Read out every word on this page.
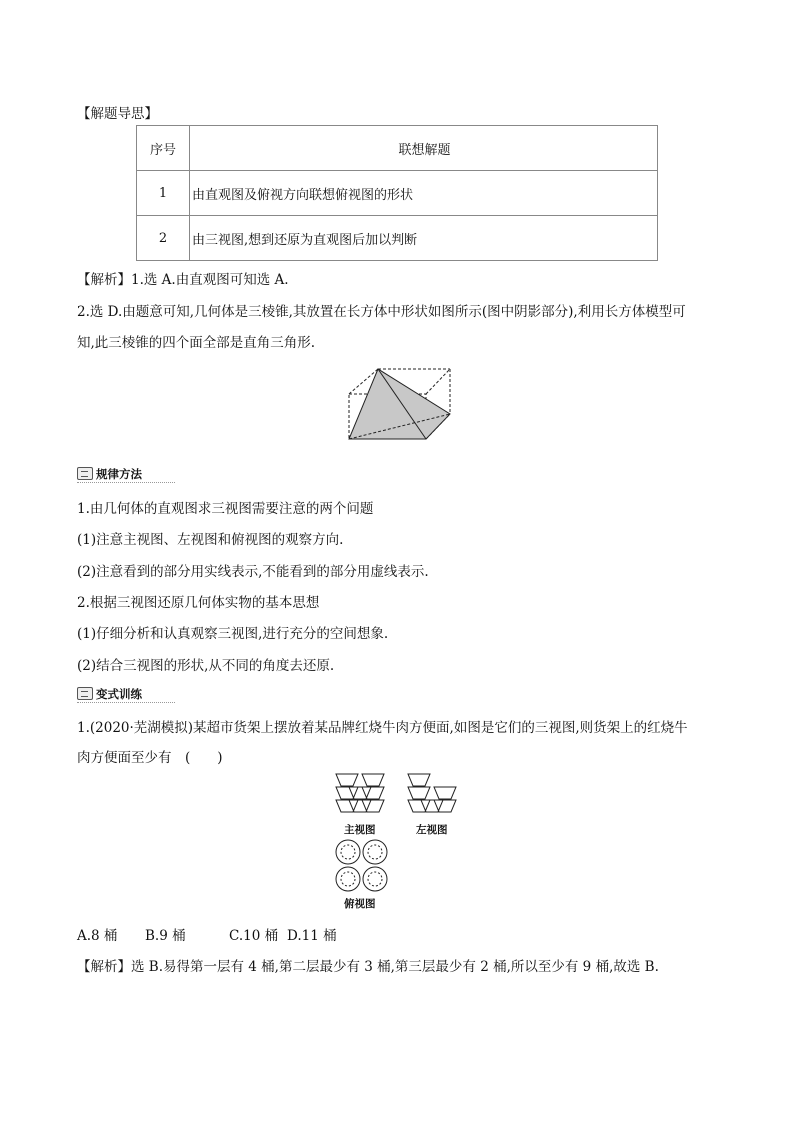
【解题导思】
序号	联想解题
1	由直观图及俯视方向联想俯视图的形状
2	由三视图,想到还原为直观图后加以判断
【解析】1.选 A.由直观图可知选 A.
2.选 D.由题意可知,几何体是三棱锥,其放置在长方体中形状如图所示(图中阴影部分),利用长方体模型可
知,此三棱锥的四个面全部是直角三角形.
规律方法
1.由几何体的直观图求三视图需要注意的两个问题
(1)注意主视图、左视图和俯视图的观察方向.
(2)注意看到的部分用实线表示,不能看到的部分用虚线表示.
2.根据三视图还原几何体实物的基本思想
(1)仔细分析和认真观察三视图,进行充分的空间想象.
(2)结合三视图的形状,从不同的角度去还原.
变式训练
1.(2020·芜湖模拟)某超市货架上摆放着某品牌红烧牛肉方便面,如图是它们的三视图,则货架上的红烧牛
肉方便面至少有　(　　)
主视图	左视图
俯视图
A.8 桶	B.9 桶	C.10 桶 D.11 桶
【解析】选 B.易得第一层有 4 桶,第二层最少有 3 桶,第三层最少有 2 桶,所以至少有 9 桶,故选 B.
